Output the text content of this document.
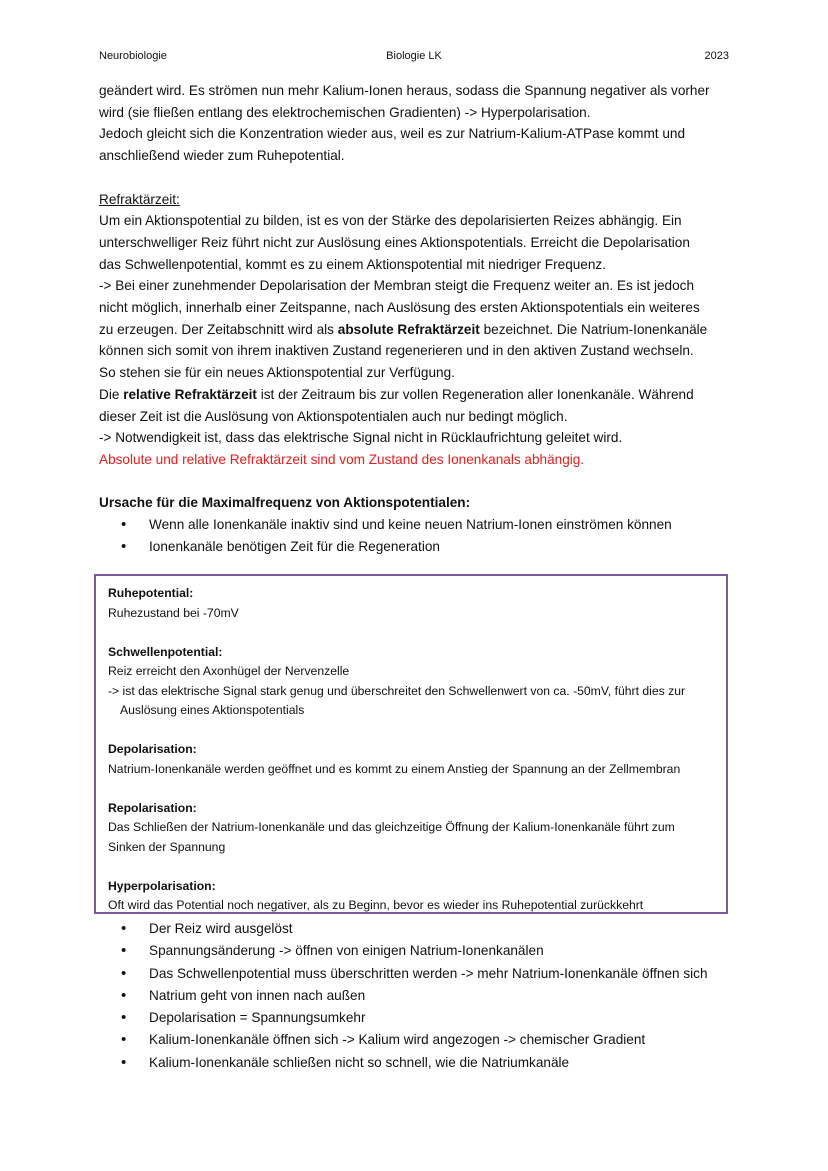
Neurobiologie	Biologie LK	2023

geändert wird. Es strömen nun mehr Kalium-Ionen heraus, sodass die Spannung negativer als vorher

wird (sie fließen entlang des elektrochemischen Gradienten) -> Hyperpolarisation.

Jedoch gleicht sich die Konzentration wieder aus, weil es zur Natrium-Kalium-ATPase kommt und

anschließend wieder zum Ruhepotential.

Refraktärzeit:

Um ein Aktionspotential zu bilden, ist es von der Stärke des depolarisierten Reizes abhängig. Ein

unterschwelliger Reiz führt nicht zur Auslösung eines Aktionspotentials. Erreicht die Depolarisation

das Schwellenpotential, kommt es zu einem Aktionspotential mit niedriger Frequenz.

-> Bei einer zunehmender Depolarisation der Membran steigt die Frequenz weiter an. Es ist jedoch

nicht möglich, innerhalb einer Zeitspanne, nach Auslösung des ersten Aktionspotentials ein weiteres

zu erzeugen. Der Zeitabschnitt wird als absolute Refraktärzeit bezeichnet. Die Natrium-Ionenkanäle

können sich somit von ihrem inaktiven Zustand regenerieren und in den aktiven Zustand wechseln.

So stehen sie für ein neues Aktionspotential zur Verfügung.

Die relative Refraktärzeit ist der Zeitraum bis zur vollen Regeneration aller Ionenkanäle. Während

dieser Zeit ist die Auslösung von Aktionspotentialen auch nur bedingt möglich.

-> Notwendigkeit ist, dass das elektrische Signal nicht in Rücklaufrichtung geleitet wird.

Absolute und relative Refraktärzeit sind vom Zustand des Ionenkanals abhängig.

Ursache für die Maximalfrequenz von Aktionspotentialen:

• Wenn alle Ionenkanäle inaktiv sind und keine neuen Natrium-Ionen einströmen können
• Ionenkanäle benötigen Zeit für die Regeneration

Ruhepotential:

Ruhezustand bei -70mV

Schwellenpotential:

Reiz erreicht den Axonhügel der Nervenzelle

-> ist das elektrische Signal stark genug und überschreitet den Schwellenwert von ca. -50mV, führt dies zur

Auslösung eines Aktionspotentials

Depolarisation:

Natrium-Ionenkanäle werden geöffnet und es kommt zu einem Anstieg der Spannung an der Zellmembran

Repolarisation:

Das Schließen der Natrium-Ionenkanäle und das gleichzeitige Öffnung der Kalium-Ionenkanäle führt zum

Sinken der Spannung

Hyperpolarisation:

Oft wird das Potential noch negativer, als zu Beginn, bevor es wieder ins Ruhepotential zurückkehrt

• Der Reiz wird ausgelöst
• Spannungsänderung -> öffnen von einigen Natrium-Ionenkanälen
• Das Schwellenpotential muss überschritten werden -> mehr Natrium-Ionenkanäle öffnen sich
• Natrium geht von innen nach außen
• Depolarisation = Spannungsumkehr
• Kalium-Ionenkanäle öffnen sich -> Kalium wird angezogen -> chemischer Gradient
• Kalium-Ionenkanäle schließen nicht so schnell, wie die Natriumkanäle
